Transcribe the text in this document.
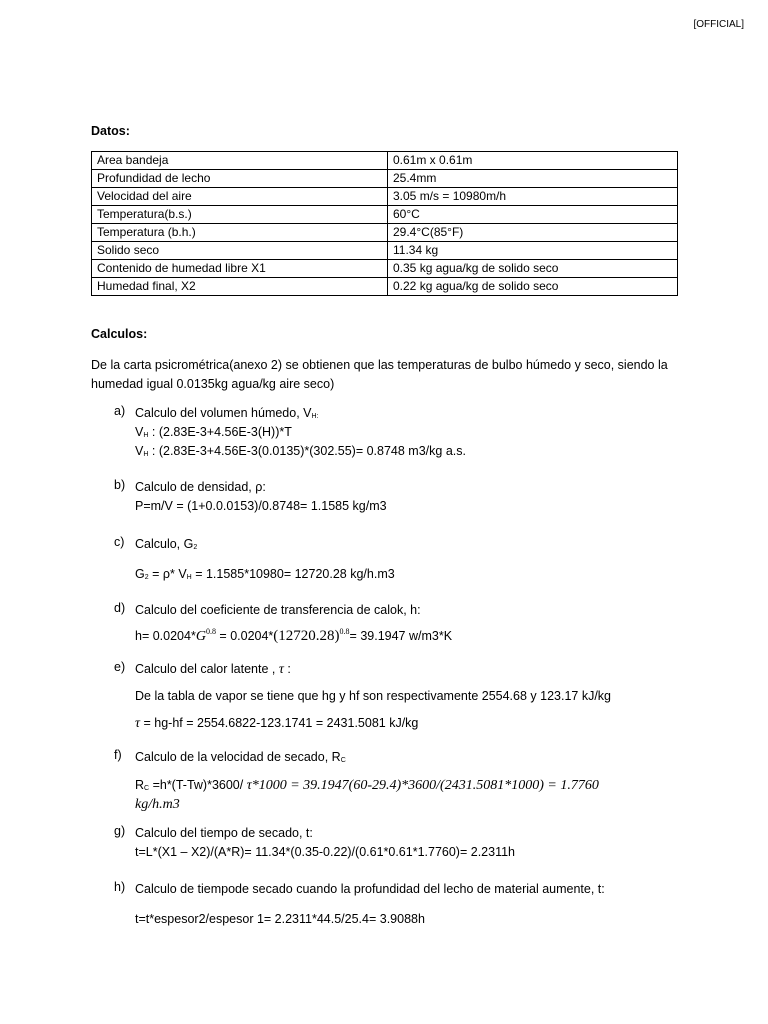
[OFFICIAL]
Datos:
Area bandeja	0.61m x 0.61m
Profundidad de lecho	25.4mm
Velocidad del aire	3.05 m/s = 10980m/h
Temperatura(b.s.)	60°C
Temperatura (b.h.)	29.4°C(85°F)
Solido seco	11.34 kg
Contenido de humedad libre X1	0.35 kg agua/kg de solido seco
Humedad final, X2	0.22 kg agua/kg de solido seco
Calculos:
De la carta psicrométrica(anexo 2) se obtienen que las temperaturas de bulbo húmedo y seco, siendo la
humedad igual 0.0135kg agua/kg aire seco)
a) Calculo del volumen húmedo, $V_{H:}$
$V_H$ : (2.83E-3+4.56E-3(H))*T
$V_H$ : (2.83E-3+4.56E-3(0.0135)*(302.55)= 0.8748 m3/kg a.s.
b) Calculo de densidad, ρ:
P=m/V = (1+0.0.0153)/0.8748= 1.1585 kg/m3
c) Calculo, $G_2$
$G_2 = \rho*$ $V_H = 1.1585*10980= 12720.28$ kg/h.m3
d) Calculo del coeficiente de transferencia de calok, h:
$h= 0.0204*G^{0.8} = 0.0204*(12720.28)^{0.8}= 39.1947$ w/m3*K
e) Calculo del calor latente , τ :
De la tabla de vapor se tiene que hg y hf son respectivamente 2554.68 y 123.17 kJ/kg
τ = hg-hf = 2554.6822-123.1741 = 2431.5081 kJ/kg
f)	Calculo de la velocidad de secado, $R_C$
$R_C =h*(T-Tw)*3600/$ τ*1000 = 39.1947(60-29.4)*3600/(2431.5081*1000) = 1.7760
kg/h.m3
g) Calculo del tiempo de secado, t:
t=L*(X1 – X2)/(A*R)= 11.34*(0.35-0.22)/(0.61*0.61*1.7760)= 2.2311h
h) Calculo de tiempode secado cuando la profundidad del lecho de material aumente, t:
t=t*espesor2/espesor 1= 2.2311*44.5/25.4= 3.9088h
